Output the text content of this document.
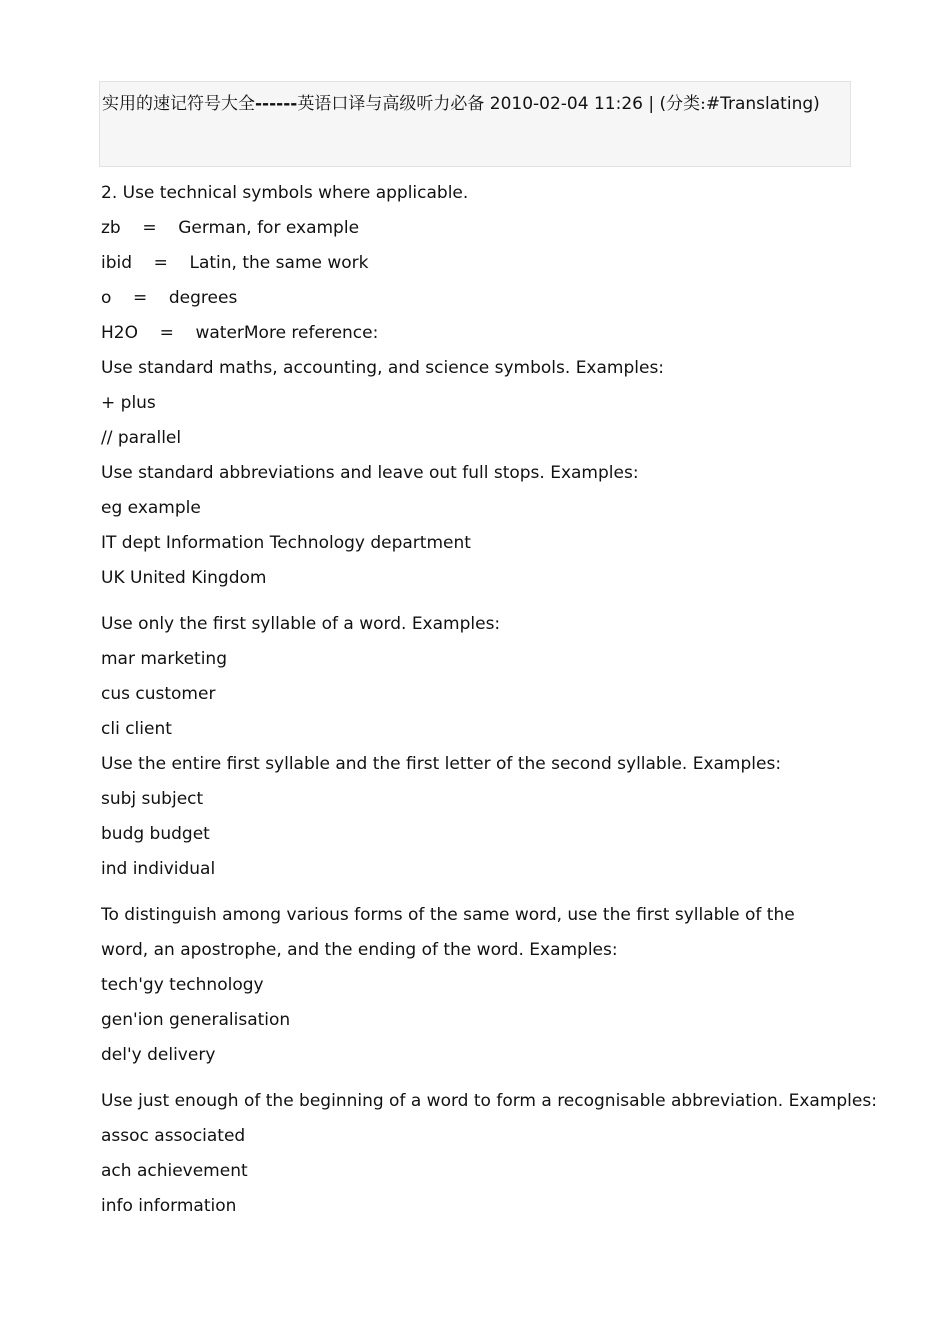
实用的速记符号大全------英语口译与高级听力必备 2010-02-04 11:26 | (分类:#Translating)
2. Use technical symbols where applicable.
zb    =    German, for example
ibid    =    Latin, the same work
o    =    degrees
H2O    =    waterMore reference:
Use standard maths, accounting, and science symbols. Examples:
+ plus
// parallel
Use standard abbreviations and leave out full stops. Examples:
eg example
IT dept Information Technology department
UK United Kingdom
Use only the first syllable of a word. Examples:
mar marketing
cus customer
cli client
Use the entire first syllable and the first letter of the second syllable. Examples:
subj subject
budg budget
ind individual
To distinguish among various forms of the same word, use the first syllable of the word, an apostrophe, and the ending of the word. Examples:
tech'gy technology
gen'ion generalisation
del'y delivery
Use just enough of the beginning of a word to form a recognisable abbreviation. Examples:
assoc associated
ach achievement
info information
